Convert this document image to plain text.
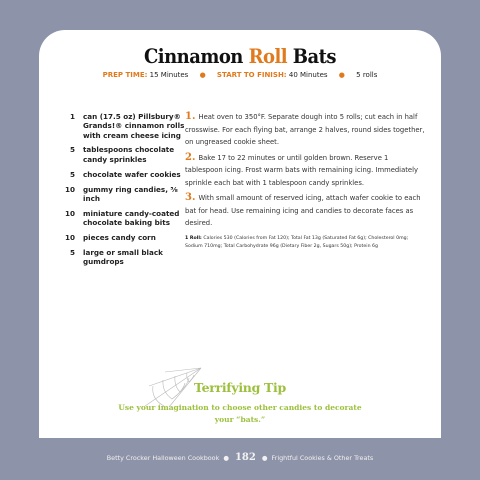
Cinnamon Roll Bats
PREP TIME: 15 Minutes ● START TO FINISH: 40 Minutes ● 5 rolls
1 can (17.5 oz) Pillsbury® Grands!® cinnamon rolls with cream cheese icing
5 tablespoons chocolate candy sprinkles
5 chocolate wafer cookies
10 gummy ring candies, ⅝ inch
10 miniature candy-coated chocolate baking bits
10 pieces candy corn
5 large or small black gumdrops

1. Heat oven to 350°F. Separate dough into 5 rolls; cut each in half crosswise. For each flying bat, arrange 2 halves, round sides together, on ungreased cookie sheet.

2. Bake 17 to 22 minutes or until golden brown. Reserve 1 tablespoon icing. Frost warm bats with remaining icing. Immediately sprinkle each bat with 1 tablespoon candy sprinkles.

3. With small amount of reserved icing, attach wafer cookie to each bat for head. Use remaining icing and candies to decorate faces as desired.

1 Roll: Calories 530 (Calories from Fat 120); Total Fat 13g (Saturated Fat 6g); Cholesterol 0mg; Sodium 710mg; Total Carbohydrate 96g (Dietary Fiber 2g, Sugars 50g); Protein 6g

Terrifying Tip
Use your imagination to choose other candies to decorate your “bats.”
Betty Crocker Halloween Cookbook ● 182 ● Frightful Cookies & Other Treats
